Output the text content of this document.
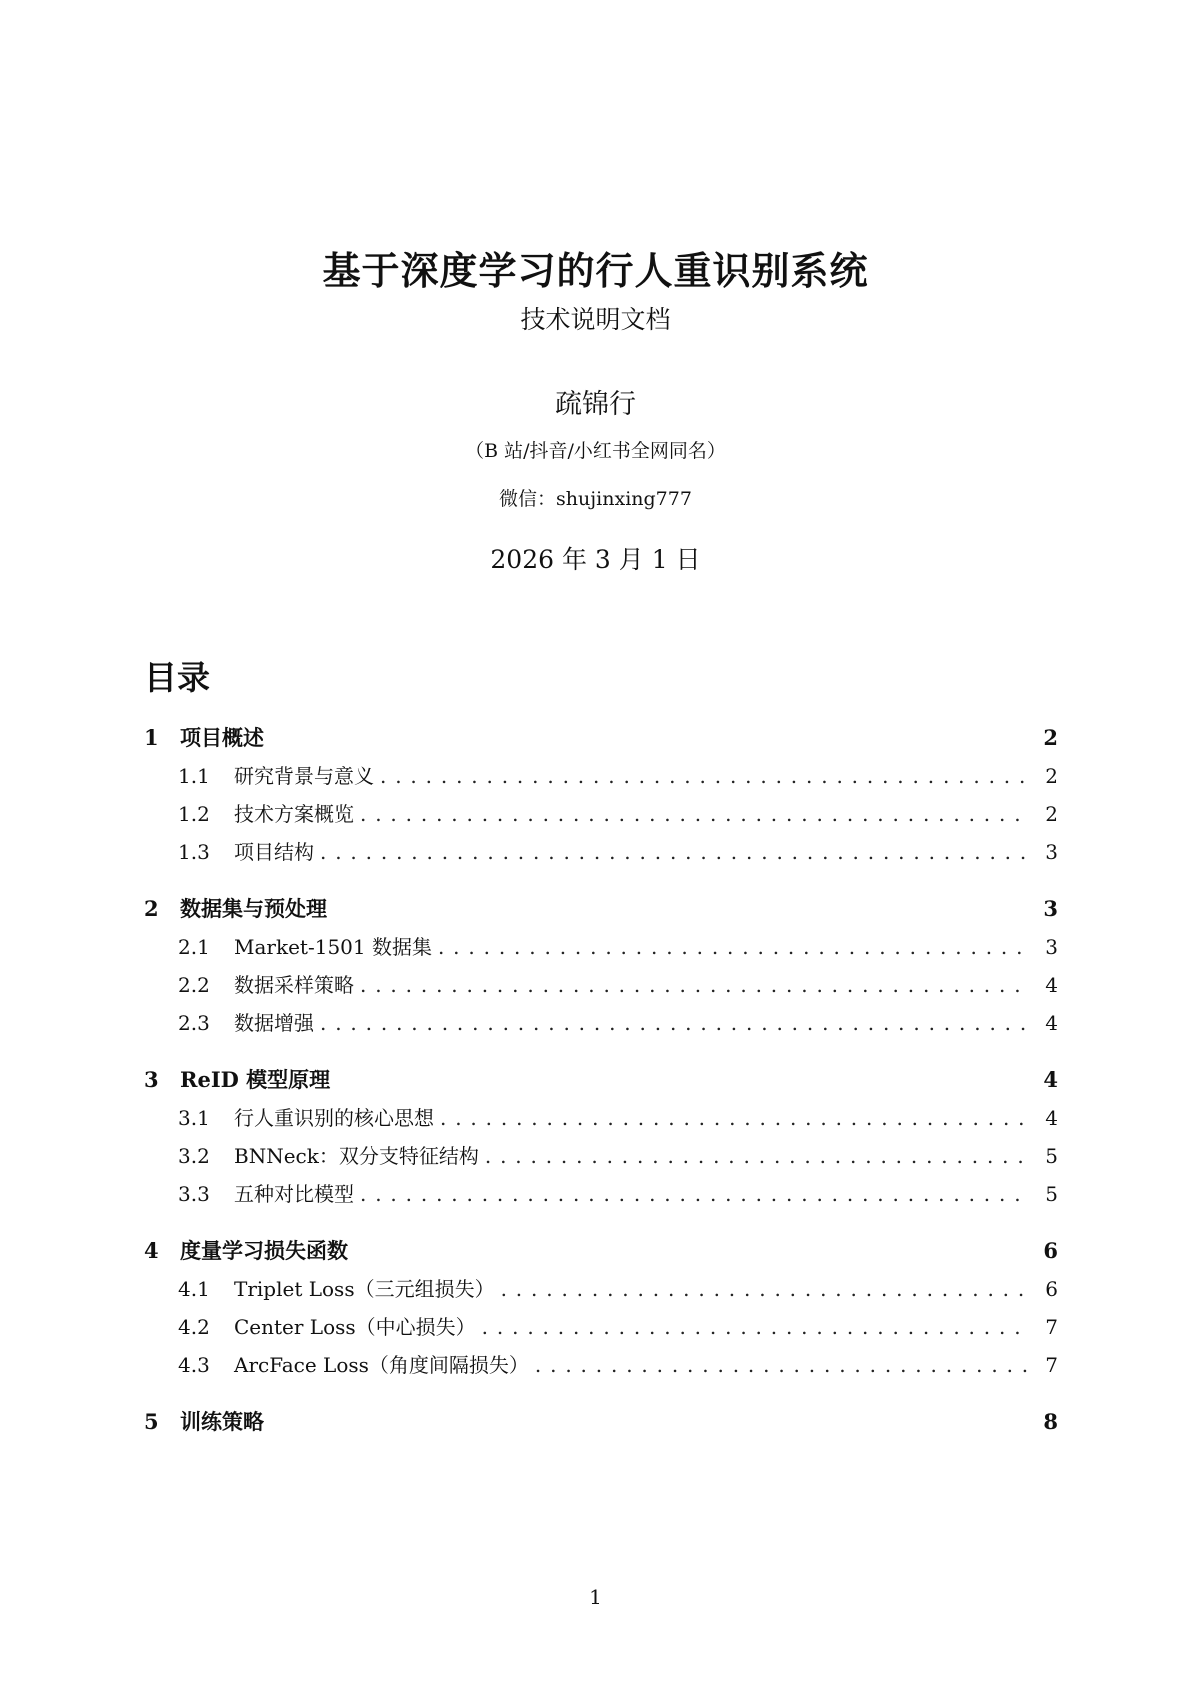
基于深度学习的行人重识别系统
技术说明文档
疏锦行
（B 站/抖音/小红书全网同名）
微信：shujinxing777
2026 年 3 月 1 日
目录
1	项目概述	2
1.1	研究背景与意义 . . .	2
1.2	技术方案概览 . . .	2
1.3	项目结构 . . .	3
2	数据集与预处理	3
2.1	Market-1501 数据集 . . .	3
2.2	数据采样策略 . . .	4
2.3	数据增强 . . .	4
3	ReID 模型原理	4
3.1	行人重识别的核心思想 . . .	4
3.2	BNNeck：双分支特征结构 . . .	5
3.3	五种对比模型 . . .	5
4	度量学习损失函数	6
4.1	Triplet Loss（三元组损失） . . .	6
4.2	Center Loss（中心损失） . . .	7
4.3	ArcFace Loss（角度间隔损失） . . .	7
5	训练策略	8
1
